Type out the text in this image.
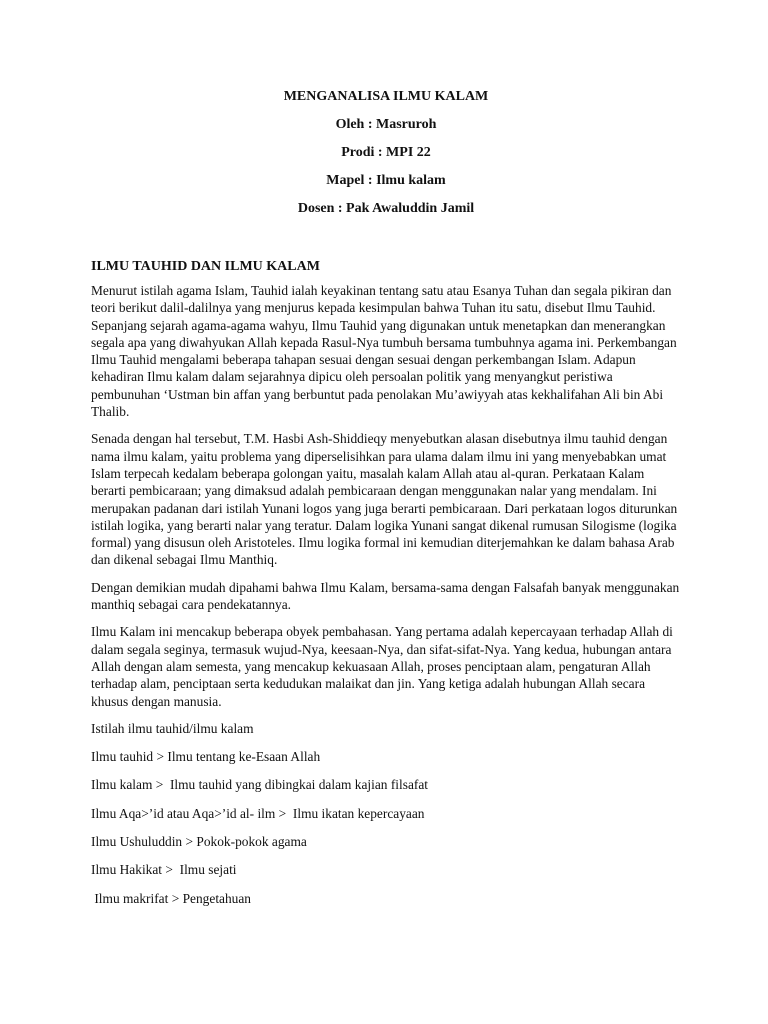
MENGANALISA ILMU KALAM
Oleh : Masruroh
Prodi : MPI 22
Mapel : Ilmu kalam
Dosen : Pak Awaluddin Jamil
ILMU TAUHID DAN ILMU KALAM

Menurut istilah agama Islam, Tauhid ialah keyakinan tentang satu atau Esanya Tuhan dan segala pikiran dan teori berikut dalil-dalilnya yang menjurus kepada kesimpulan bahwa Tuhan itu satu, disebut Ilmu Tauhid. Sepanjang sejarah agama-agama wahyu, Ilmu Tauhid yang digunakan untuk menetapkan dan menerangkan segala apa yang diwahyukan Allah kepada Rasul-Nya tumbuh bersama tumbuhnya agama ini. Perkembangan Ilmu Tauhid mengalami beberapa tahapan sesuai dengan sesuai dengan perkembangan Islam. Adapun kehadiran Ilmu kalam dalam sejarahnya dipicu oleh persoalan politik yang menyangkut peristiwa pembunuhan ‘Ustman bin affan yang berbuntut pada penolakan Mu’awiyyah atas kekhalifahan Ali bin Abi Thalib.

Senada dengan hal tersebut, T.M. Hasbi Ash-Shiddieqy menyebutkan alasan disebutnya ilmu tauhid dengan nama ilmu kalam, yaitu problema yang diperselisihkan para ulama dalam ilmu ini yang menyebabkan umat Islam terpecah kedalam beberapa golongan yaitu, masalah kalam Allah atau al-quran. Perkataan Kalam berarti pembicaraan; yang dimaksud adalah pembicaraan dengan menggunakan nalar yang mendalam. Ini merupakan padanan dari istilah Yunani logos yang juga berarti pembicaraan. Dari perkataan logos diturunkan istilah logika, yang berarti nalar yang teratur. Dalam logika Yunani sangat dikenal rumusan Silogisme (logika formal) yang disusun oleh Aristoteles. Ilmu logika formal ini kemudian diterjemahkan ke dalam bahasa Arab dan dikenal sebagai Ilmu Manthiq.

Dengan demikian mudah dipahami bahwa Ilmu Kalam, bersama-sama dengan Falsafah banyak menggunakan manthiq sebagai cara pendekatannya.

Ilmu Kalam ini mencakup beberapa obyek pembahasan. Yang pertama adalah kepercayaan terhadap Allah di dalam segala seginya, termasuk wujud-Nya, keesaan-Nya, dan sifat-sifat-Nya. Yang kedua, hubungan antara Allah dengan alam semesta, yang mencakup kekuasaan Allah, proses penciptaan alam, pengaturan Allah terhadap alam, penciptaan serta kedudukan malaikat dan jin. Yang ketiga adalah hubungan Allah secara khusus dengan manusia.

Istilah ilmu tauhid/ilmu kalam
Ilmu tauhid > Ilmu tentang ke-Esaan Allah
Ilmu kalam >  Ilmu tauhid yang dibingkai dalam kajian filsafat
Ilmu Aqa>’id atau Aqa>’id al- ilm >  Ilmu ikatan kepercayaan
Ilmu Ushuluddin > Pokok-pokok agama
Ilmu Hakikat >  Ilmu sejati
Ilmu makrifat > Pengetahuan
